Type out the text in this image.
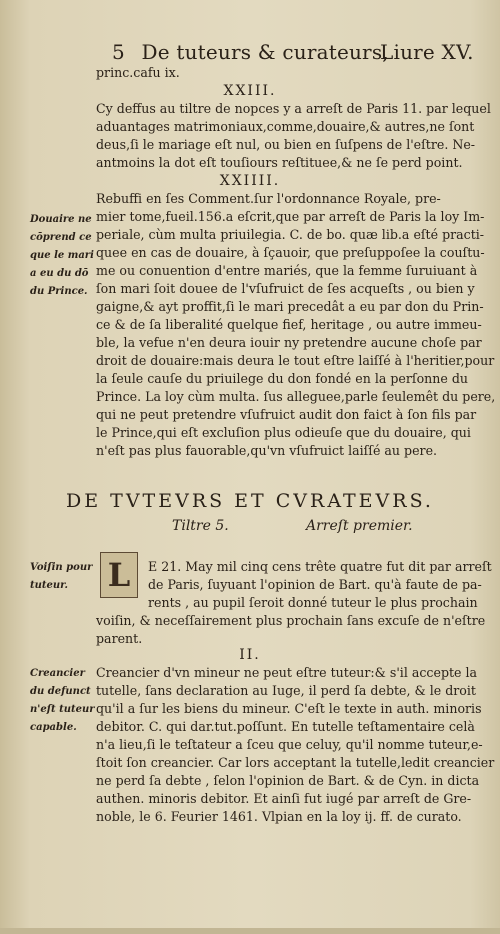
5 De tuteurs & curateurs,
Liure XV.
princ.cafu ix.
XXIII.
Cy deffus au tiltre de nopces y a arreſt de Paris 11. par lequel
aduantages matrimoniaux,comme,douaire,& autres,ne ſont
deus,ſi le mariage eſt nul, ou bien en ſuſpens de l'eſtre. Ne-
antmoins la dot eſt touſiours reſtituee,& ne ſe perd point.
XXIIII.
Rebuffi en ſes Comment.ſur l'ordonnance Royale, pre-
mier tome,fueil.156.a eſcrit,que par arreſt de Paris la loy Im-
periale, cùm multa priuilegia. C. de bo. quæ lib.a eſté practi-
quee en cas de douaire, à ſçauoir, que preſuppoſee la couſtu-
me ou conuention d'entre mariés, que la femme ſuruiuant à
ſon mari ſoit douee de l'vſufruict de ſes acqueſts , ou bien y
gaigne,& ayt proffit,ſi le mari precedât a eu par don du Prin-
ce & de ſa liberalité quelque fief, heritage , ou autre immeu-
ble, la vefue n'en deura iouir ny pretendre aucune choſe par
droit de douaire:mais deura le tout eſtre laiſſé à l'heritier,pour
la ſeule cauſe du priuilege du don fondé en la perſonne du
Prince. La loy cùm multa. ſus alleguee,parle ſeulemêt du pere,
qui ne peut pretendre vſufruict audit don faict à ſon fils par
le Prince,qui eſt excluſion plus odieuſe que du douaire, qui
n'eſt pas plus fauorable,qu'vn vſufruict laiſſé au pere.
Douaire ne
cōprend ce
que le mari
a eu du dō
du Prince.
DE TVTEVRS ET CVRATEVRS.
Tiltre 5.	Arreſt premier.
L E 21. May mil cinq cens trête quatre fut dit par arreſt
de Paris, ſuyuant l'opinion de Bart. qu'à faute de pa-
rents , au pupil ſeroit donné tuteur le plus prochain
voiſin, & neceſſairement plus prochain ſans excuſe de n'eſtre
parent.
Voiſin pour
tuteur.
II.
Creancier d'vn mineur ne peut eſtre tuteur:& s'il accepte la
tutelle, ſans declaration au Iuge, il perd ſa debte, & le droit
qu'il a ſur les biens du mineur. C'eſt le texte in auth. minoris
debitor. C. qui dar.tut.poſſunt. En tutelle teſtamentaire celà
n'a lieu,ſi le teſtateur a ſceu que celuy, qu'il nomme tuteur,e-
ſtoit ſon creancier. Car lors acceptant la tutelle,ledit creancier
ne perd ſa debte , ſelon l'opinion de Bart. & de Cyn. in dicta
authen. minoris debitor. Et ainſi fut iugé par arreſt de Gre-
noble, le 6. Feurier 1461. Vlpian en la loy ij. ff. de curato.
Creancier
du defunct
n'eſt tuteur
capable.
